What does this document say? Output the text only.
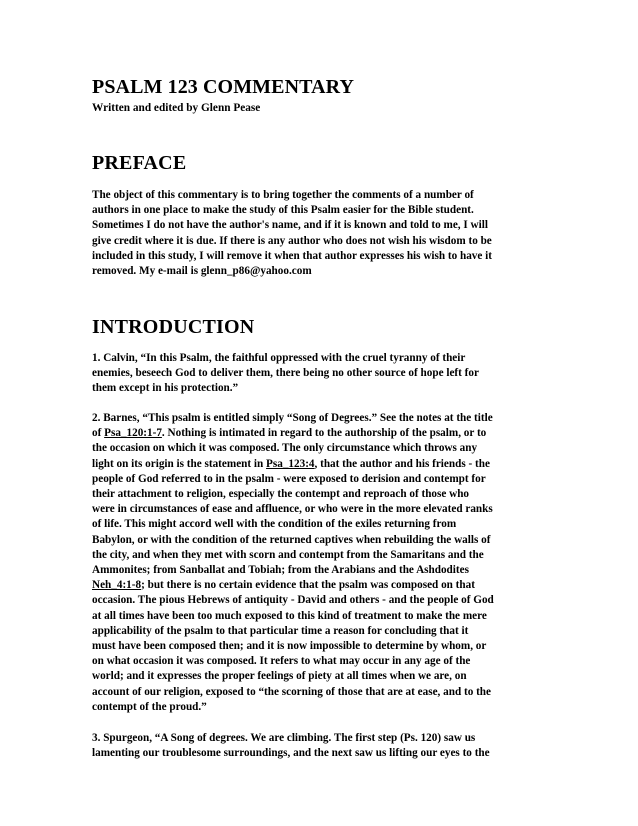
PSALM 123 COMMENTARY

Written and edited by Glenn Pease

PREFACE
The object of this commentary is to bring together the comments of a number of
authors in one place to make the study of this Psalm easier for the Bible student.
Sometimes I do not have the author's name, and if it is known and told to me, I will
give credit where it is due. If there is any author who does not wish his wisdom to be
included in this study, I will remove it when that author expresses his wish to have it
removed. My e-mail is glenn_p86@yahoo.com
INTRODUCTION
1. Calvin, “In this Psalm, the faithful oppressed with the cruel tyranny of their
enemies, beseech God to deliver them, there being no other source of hope left for
them except in his protection.”
2. Barnes, “This psalm is entitled simply “Song of Degrees.” See the notes at the title
of Psa_120:1-7. Nothing is intimated in regard to the authorship of the psalm, or to
the occasion on which it was composed. The only circumstance which throws any
light on its origin is the statement in Psa_123:4, that the author and his friends - the
people of God referred to in the psalm - were exposed to derision and contempt for
their attachment to religion, especially the contempt and reproach of those who
were in circumstances of ease and affluence, or who were in the more elevated ranks
of life. This might accord well with the condition of the exiles returning from
Babylon, or with the condition of the returned captives when rebuilding the walls of
the city, and when they met with scorn and contempt from the Samaritans and the
Ammonites; from Sanballat and Tobiah; from the Arabians and the Ashdodites
Neh_4:1-8; but there is no certain evidence that the psalm was composed on that
occasion. The pious Hebrews of antiquity - David and others - and the people of God
at all times have been too much exposed to this kind of treatment to make the mere
applicability of the psalm to that particular time a reason for concluding that it
must have been composed then; and it is now impossible to determine by whom, or
on what occasion it was composed. It refers to what may occur in any age of the
world; and it expresses the proper feelings of piety at all times when we are, on
account of our religion, exposed to “the scorning of those that are at ease, and to the
contempt of the proud.”
3. Spurgeon, “A Song of degrees. We are climbing. The first step (Ps. 120) saw us
lamenting our troublesome surroundings, and the next saw us lifting our eyes to the
